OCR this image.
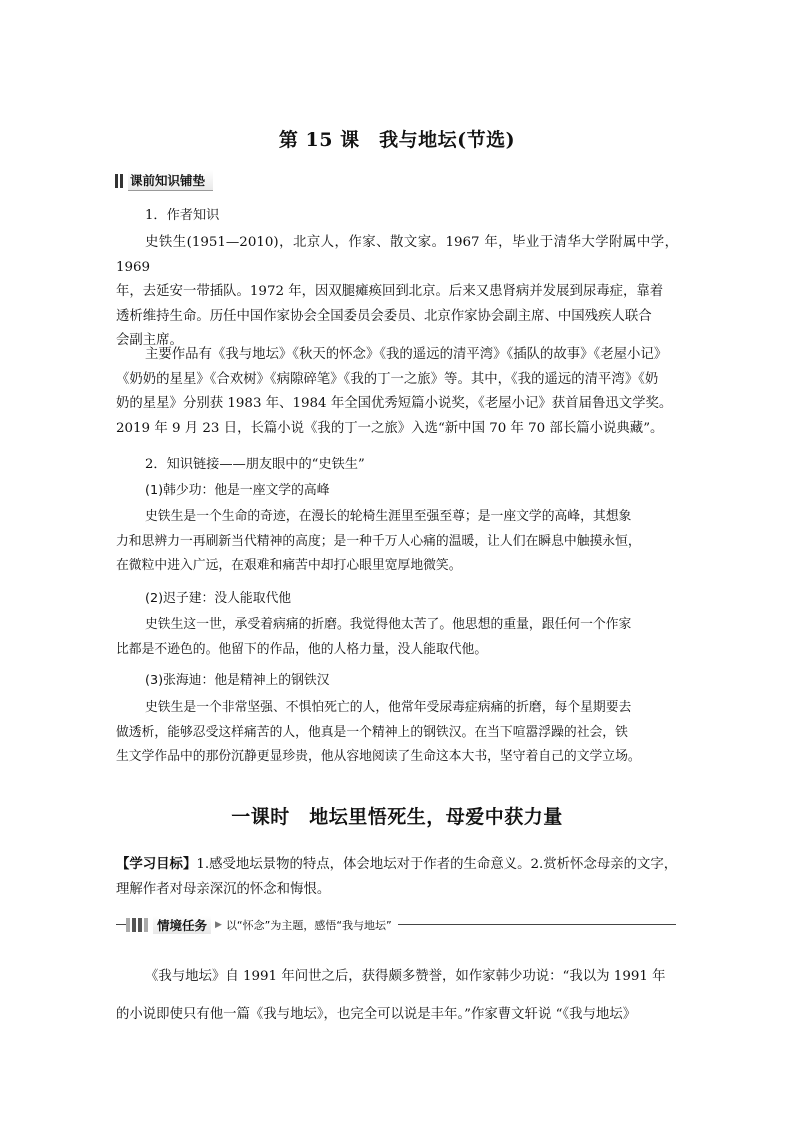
第 15 课　我与地坛(节选)
课前知识铺垫

1．作者知识

史铁生(1951—2010)，北京人，作家、散文家。1967 年，毕业于清华大学附属中学，1969
年，去延安一带插队。1972 年，因双腿瘫痪回到北京。后来又患肾病并发展到尿毒症，靠着
透析维持生命。历任中国作家协会全国委员会委员、北京作家协会副主席、中国残疾人联合
会副主席。

主要作品有《我与地坛》《秋天的怀念》《我的遥远的清平湾》《插队的故事》《老屋小记》
《奶奶的星星》《合欢树》《病隙碎笔》《我的丁一之旅》等。其中，《我的遥远的清平湾》《奶
奶的星星》分别获 1983 年、1984 年全国优秀短篇小说奖，《老屋小记》获首届鲁迅文学奖。
2019 年 9 月 23 日，长篇小说《我的丁一之旅》入选“新中国 70 年 70 部长篇小说典藏”。

2．知识链接——朋友眼中的“史铁生”

(1)韩少功：他是一座文学的高峰

史铁生是一个生命的奇迹，在漫长的轮椅生涯里至强至尊；是一座文学的高峰，其想象
力和思辨力一再刷新当代精神的高度；是一种千万人心痛的温暖，让人们在瞬息中触摸永恒，
在微粒中进入广远，在艰难和痛苦中却打心眼里宽厚地微笑。

(2)迟子建：没人能取代他

史铁生这一世，承受着病痛的折磨。我觉得他太苦了。他思想的重量，跟任何一个作家
比都是不逊色的。他留下的作品，他的人格力量，没人能取代他。

(3)张海迪：他是精神上的钢铁汉

史铁生是一个非常坚强、不惧怕死亡的人，他常年受尿毒症病痛的折磨，每个星期要去
做透析，能够忍受这样痛苦的人，他真是一个精神上的钢铁汉。在当下喧嚣浮躁的社会，铁
生文学作品中的那份沉静更显珍贵，他从容地阅读了生命这本大书，坚守着自己的文学立场。

一课时　地坛里悟死生，母爱中获力量

【学习目标】1.感受地坛景物的特点，体会地坛对于作者的生命意义。2.赏析怀念母亲的文字，
理解作者对母亲深沉的怀念和悔恨。

情境任务 ▶ 以“怀念”为主题，感悟“我与地坛”

《我与地坛》自 1991 年问世之后，获得颇多赞誉，如作家韩少功说：“我以为 1991 年
的小说即使只有他一篇《我与地坛》，也完全可以说是丰年。”作家曹文轩说 “《我与地坛》
